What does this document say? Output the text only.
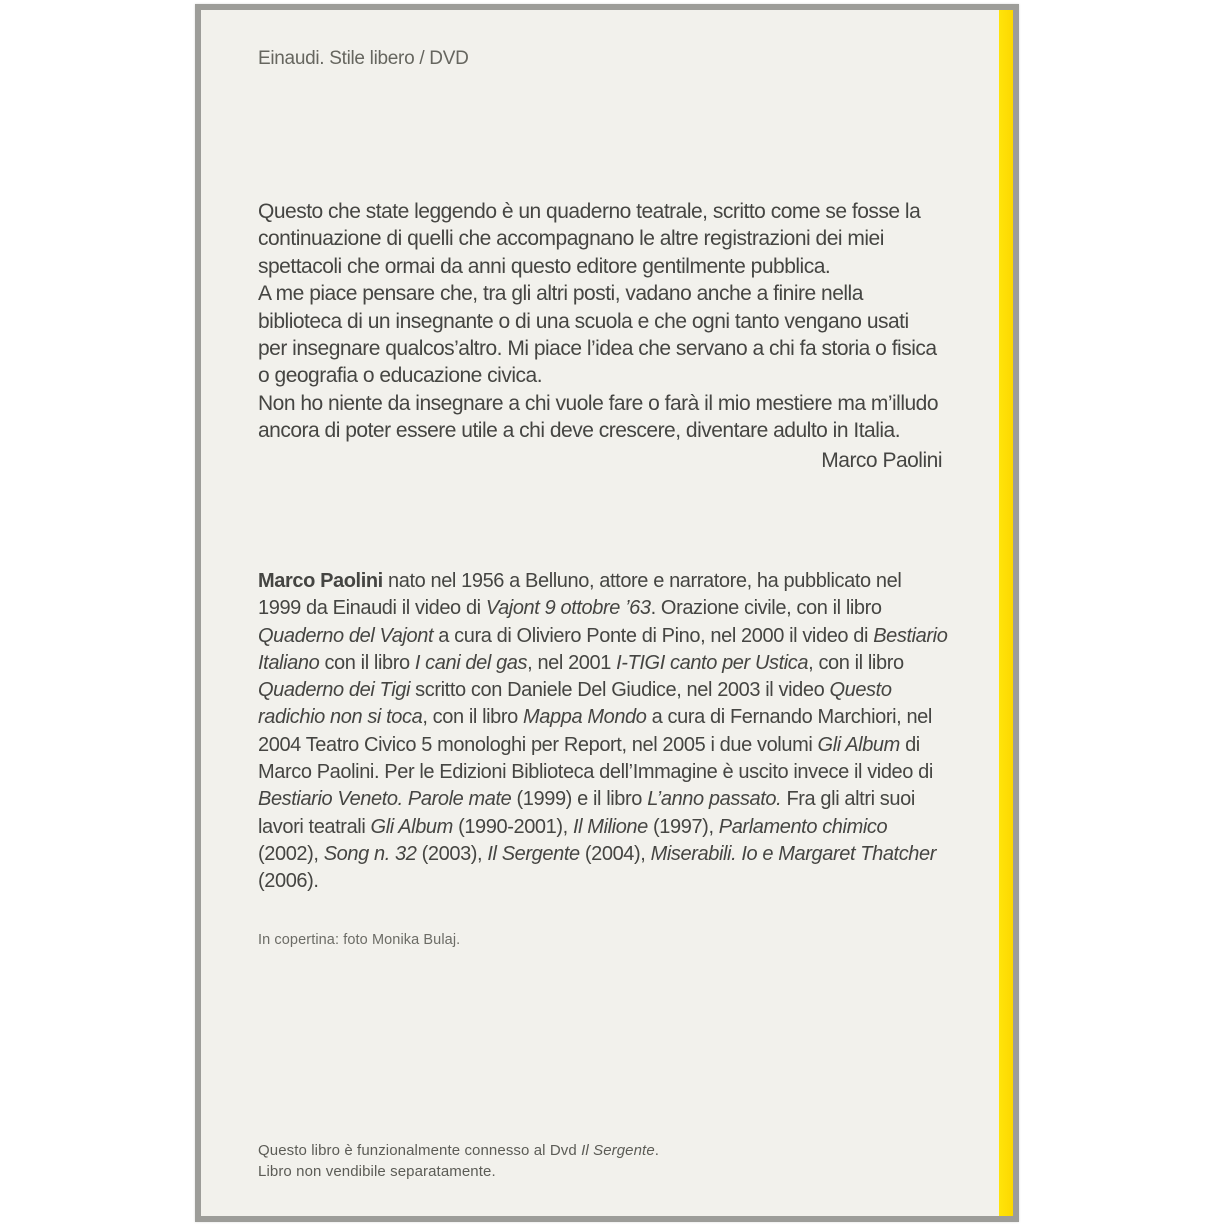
Einaudi. Stile libero / DVD

Questo che state leggendo è un quaderno teatrale, scritto come se fosse la continuazione di quelli che accompagnano le altre registrazioni dei miei spettacoli che ormai da anni questo editore gentilmente pubblica.

A me piace pensare che, tra gli altri posti, vadano anche a finire nella biblioteca di un insegnante o di una scuola e che ogni tanto vengano usati per insegnare qualcos’altro. Mi piace l’idea che servano a chi fa storia o fisica o geografia o educazione civica.

Non ho niente da insegnare a chi vuole fare o farà il mio mestiere ma m’illudo ancora di poter essere utile a chi deve crescere, diventare adulto in Italia.

Marco Paolini
Marco Paolini nato nel 1956 a Belluno, attore e narratore, ha pubblicato nel 1999 da Einaudi il video di Vajont 9 ottobre ’63. Orazione civile, con il libro Quaderno del Vajont a cura di Oliviero Ponte di Pino, nel 2000 il video di Bestiario Italiano con il libro I cani del gas, nel 2001 I-TIGI canto per Ustica, con il libro Quaderno dei Tigi scritto con Daniele Del Giudice, nel 2003 il video Questo radichio non si toca, con il libro Mappa Mondo a cura di Fernando Marchiori, nel 2004 Teatro Civico 5 monologhi per Report, nel 2005 i due volumi Gli Album di Marco Paolini. Per le Edizioni Biblioteca dell’Immagine è uscito invece il video di Bestiario Veneto. Parole mate (1999) e il libro L’anno passato. Fra gli altri suoi lavori teatrali Gli Album (1990-2001), Il Milione (1997), Parlamento chimico (2002), Song n. 32 (2003), Il Sergente (2004), Miserabili. Io e Margaret Thatcher (2006).
In copertina: foto Monika Bulaj.
Questo libro è funzionalmente connesso al Dvd Il Sergente.
Libro non vendibile separatamente.
